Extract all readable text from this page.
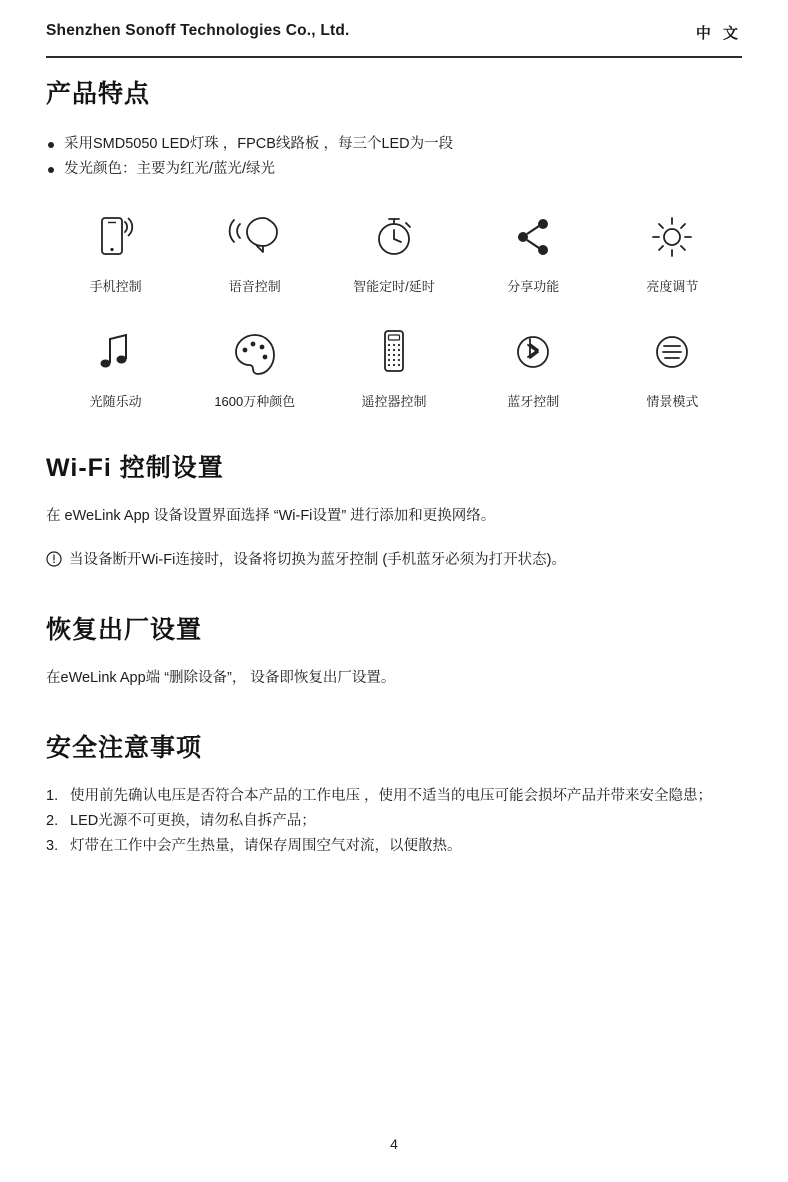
Shenzhen Sonoff Technologies Co., Ltd.	中 文
产品特点
采用SMD5050 LED灯珠 ，FPCB线路板 ，每三个LED为一段
发光颜色：主要为红光/蓝光/绿光
手机控制	语音控制	智能定时/延时	分享功能	亮度调节
光随乐动	1600万种颜色	遥控器控制	蓝牙控制	情景模式
Wi-Fi 控制设置

在 eWeLink App 设备设置界面选择 “Wi-Fi设置” 进行添加和更换网络。

当设备断开Wi-Fi连接时，设备将切换为蓝牙控制 (手机蓝牙必须为打开状态)。
恢复出厂设置

在eWeLink App端 “删除设备”， 设备即恢复出厂设置。

安全注意事项
使用前先确认电压是否符合本产品的工作电压 ，使用不适当的电压可能会损坏产品并带来安全隐患；
LED光源不可更换，请勿私自拆产品；
灯带在工作中会产生热量，请保存周围空气对流，以便散热。
4
